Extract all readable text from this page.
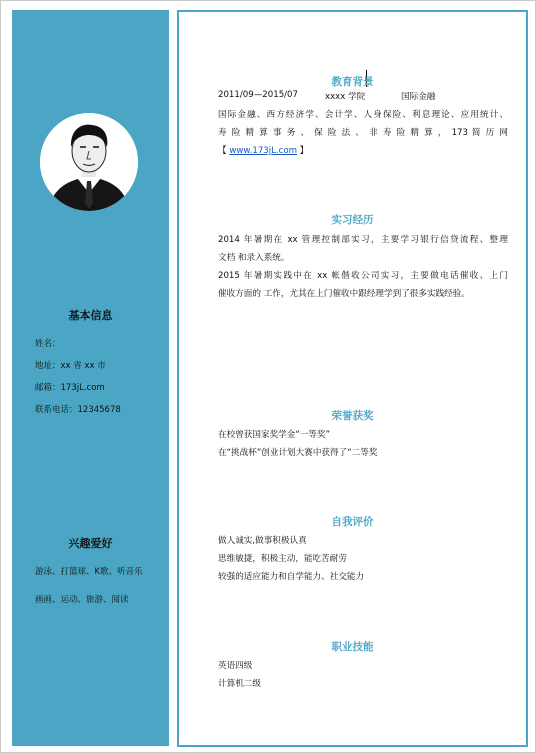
基本信息
姓名：
地址：xx 省 xx 市
邮箱：173jL.com
联系电话：12345678
兴趣爱好
游泳、打篮球、K歌、听音乐
画画、运动、旅游、阅读
教育背景
2011/09—2015/07	xxxx 学院	国际金融
国际金融、西方经济学、会计学、人身保险、利息理论、应用统计、
寿 险 精 算 事 务 、 保 险 法 、 非 寿 险 精 算 ， 173 简 历 网
【 www.173jL.com 】
实习经历
2014 年暑期在 xx 管理控制部实习，主要学习银行信贷流程、整理
文档 和录入系统。
2015 年暑期实践中在 xx 帐偕收公司实习，主要做电话催收、上门
催收方面的 工作，尤其在上门催收中跟经理学到了很多实践经验。
荣誉获奖
在校曾获国家奖学金“一等奖”
在“挑战杯”创业计划大赛中获得了“二等奖
自我评价
做人诚实,做事积极认真
思维敏捷，积极主动，能吃苦耐劳
较强的适应能力和自学能力、社交能力
职业技能
英语四级
计算机二级
